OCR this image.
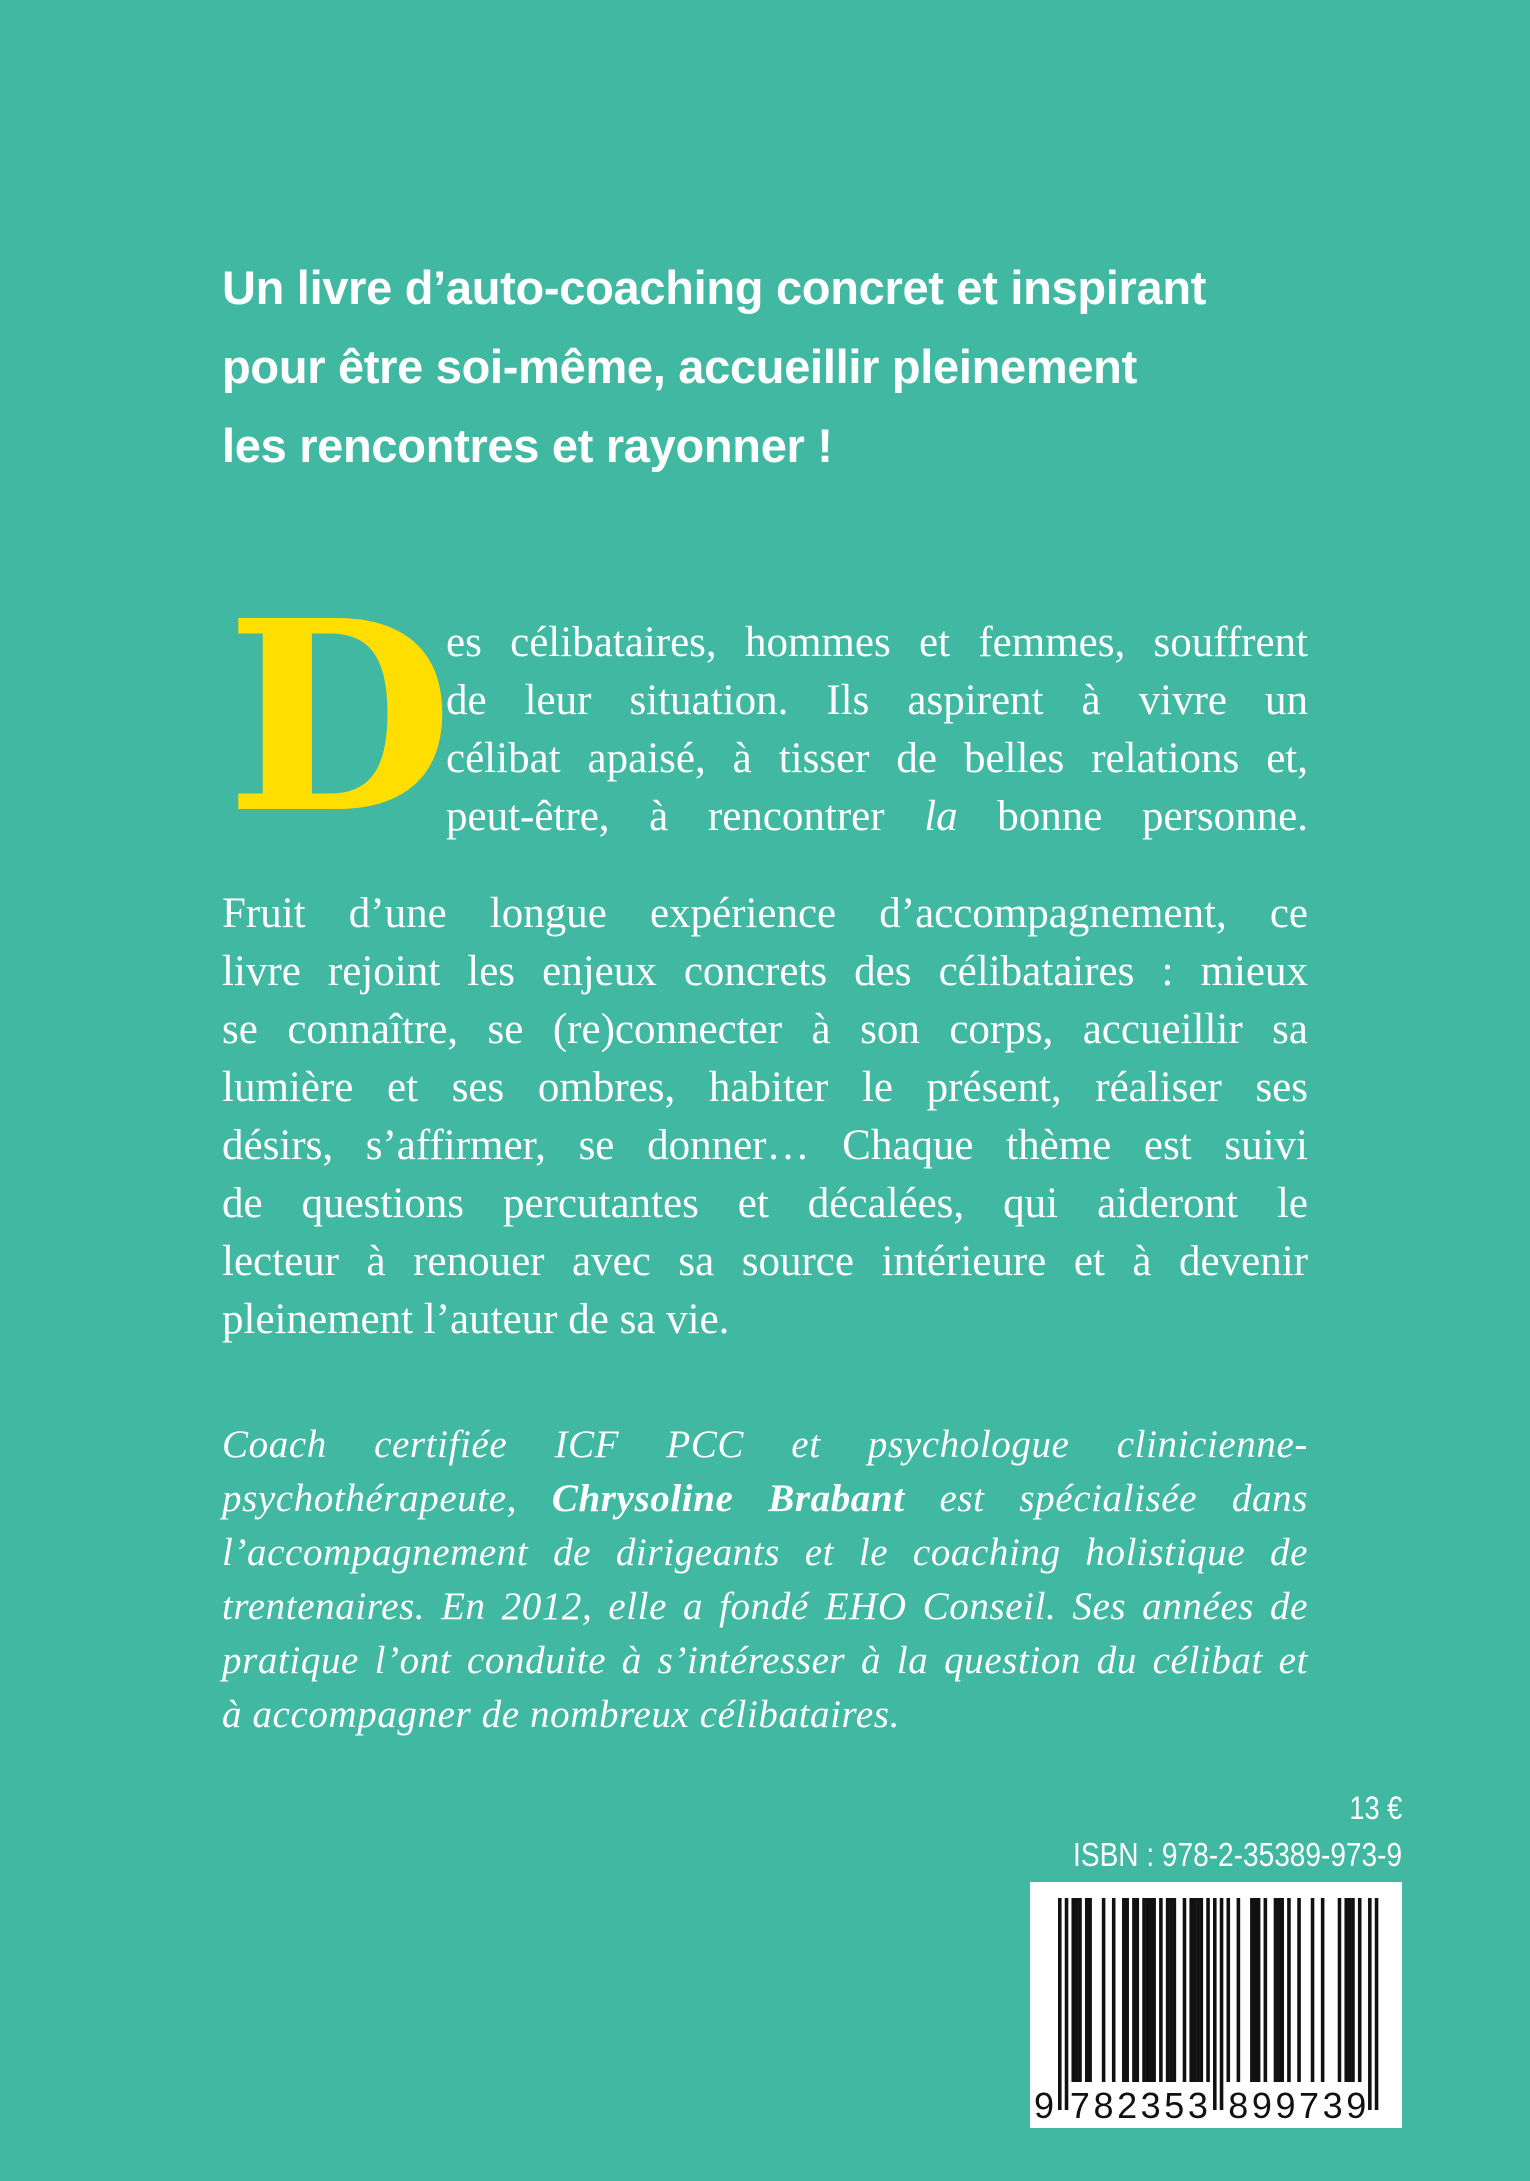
Un livre d’auto-coaching concret et inspirant
pour être soi-même, accueillir pleinement
les rencontres et rayonner !
D
es célibataires, hommes et femmes, souffrent
de leur situation. Ils aspirent à vivre un
célibat apaisé, à tisser de belles relations et,
peut-être, à rencontrer la bonne personne.
Fruit d’une longue expérience d’accompagnement, ce
livre rejoint les enjeux concrets des célibataires : mieux
se connaître, se (re)connecter à son corps, accueillir sa
lumière et ses ombres, habiter le présent, réaliser ses
désirs, s’affirmer, se donner… Chaque thème est suivi
de questions percutantes et décalées, qui aideront le
lecteur à renouer avec sa source intérieure et à devenir
pleinement l’auteur de sa vie.
Coach certifiée ICF PCC et psychologue clinicienne-
psychothérapeute, Chrysoline Brabant est spécialisée dans
l’accompagnement de dirigeants et le coaching holistique de
trentenaires. En 2012, elle a fondé EHO Conseil. Ses années de
pratique l’ont conduite à s’intéresser à la question du célibat et
à accompagner de nombreux célibataires.
13 €
ISBN : 978-2-35389-973-9
9 7 8 2 3 5 3 8 9 9 7 3 9
